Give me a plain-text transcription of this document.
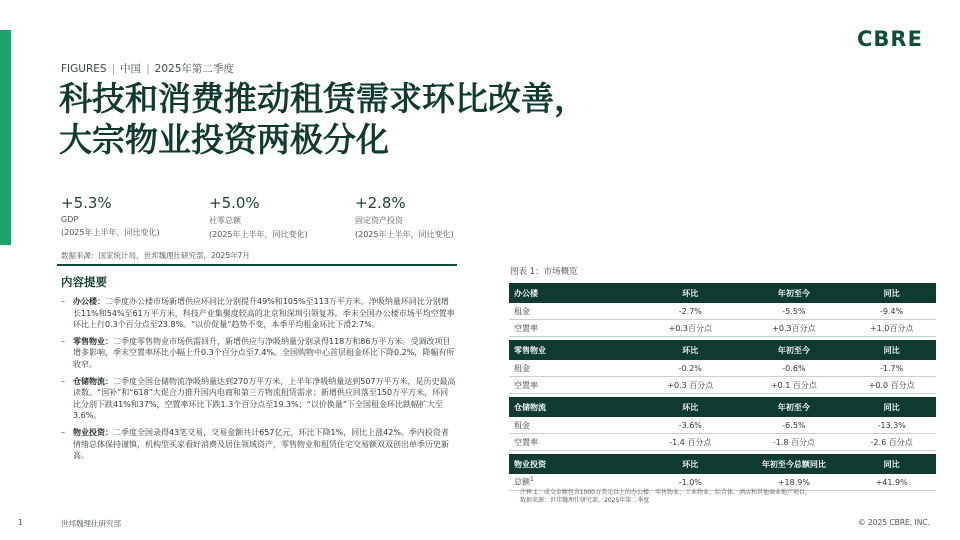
CBRE
FIGURES | 中国 | 2025年第二季度
科技和消费推动租赁需求环比改善，
大宗物业投资两极分化
+5.3%
GDP
(2025年上半年，同比变化)
+5.0%
社零总额
(2025年上半年，同比变化)
+2.8%
固定资产投资
(2025年上半年，同比变化)
数据来源：国家统计局，世邦魏理仕研究部，2025年7月
内容提要
– 办公楼：二季度办公楼市场新增供应环同比分别提升49%和105%至113万平方米。净吸纳量环同比分别增长11%和54%至61万平方米，科技产业集聚度较高的北京和深圳引领复苏。季末全国办公楼市场平均空置率环比上行0.3个百分点至23.8%。“以价促量”趋势不变，本季平均租金环比下滑2.7%。
– 零售物业：二季度零售物业市场供需回升，新增供应与净吸纳量分别录得118万和86万平方米。受调改项目增多影响，季末空置率环比小幅上升0.3个百分点至7.4%。全国购物中心首层租金环比下降0.2%，降幅有所收窄。
– 仓储物流：二季度全国仓储物流净吸纳量达到270万平方米，上半年净吸纳量达到507万平方米，是历史最高读数。“国补”和“618”大促合力推升国内电商和第三方物流租赁需求；新增供应回落至150万平方米，环同比分别下跌41%和37%，空置率环比下跌1.3个百分点至19.3%；“以价换量”下全国租金环比跌幅扩大至3.6%。
– 物业投资：二季度全国录得43笔交易，交易金额共计657亿元，环比下降1%，同比上涨42%。季内投资者情绪总体保持谨慎，机构型买家看好消费及居住领域资产，零售物业和租赁住宅交易额双双创出单季历史新高。
图表 1：市场概览
办公楼	环比	年初至今	同比
租金	-2.7%	-5.5%	-9.4%
空置率	+0.3百分点	+0.3百分点	+1.0百分点

零售物业	环比	年初至今	同比
租金	-0.2%	-0.6%	-1.7%
空置率	+0.3 百分点	+0.1 百分点	+0.0 百分点

仓储物流	环比	年初至今	同比
租金	-3.6%	-6.5%	-13.3%
空置率	-1.4 百分点	-1.8 百分点	-2.6 百分点

物业投资	环比	年初至今总额同比	同比
总额$^1$	-1.0%	+18.9%	+41.9%
注释 1：成交金额包含1000万美元以上的办公楼、零售物业、工业物业、综合体、酒店和其他商业地产项目。
数据来源：世邦魏理仕研究部，2025年第二季度
1	世邦魏理仕研究部	© 2025 CBRE, INC.
